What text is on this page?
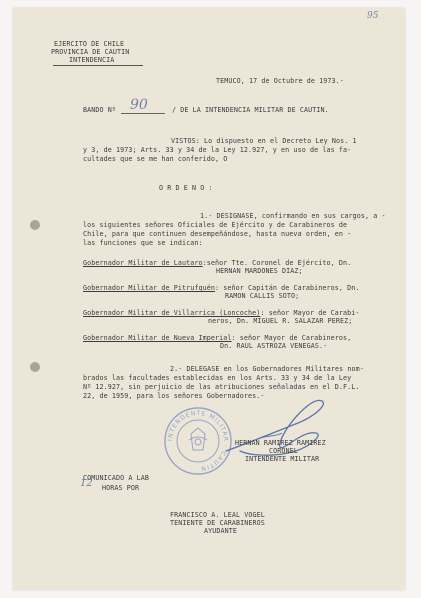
95
EJERCITO DE CHILE
PROVINCIA DE CAUTIN
INTENDENCIA
TEMUCO, 17 de Octubre de 1973.-
BANDO Nº 90	/ DE LA INTENDENCIA MILITAR DE CAUTIN.
VISTOS: Lo dispuesto en el Decreto Ley Nos. 1
y 3, de 1973; Arts. 33 y 34 de la Ley 12.927, y en uso de las fa-
cultades que se me han conferido, O
O R D E N O :
1.- DESIGNASE, confirmando en sus cargos, a -
los siguientes señores Oficiales de Ejército y de Carabineros de
Chile, para que continuen desempeñándose, hasta nueva orden, en -
las funciones que se indican:
Gobernador Militar de Lautaro:señor Tte. Coronel de Ejército, Dn.
HERNAN MARDONES DIAZ;
Gobernador Militar de Pitrufquén: señor Capitán de Carabineros, Dn.
RAMON CALLIS SOTO;
Gobernador Militar de Villarrica (Loncoche): señor Mayor de Carabi-
neros, Dn. MIGUEL R. SALAZAR PEREZ;
Gobernador Militar de Nueva Imperial: señor Mayor de Carabineros,
Dn. RAUL ASTROZA VENEGAS.-
2.- DELEGASE en los Gobernadores Militares nom-
brados las facultades establecidas en los Arts. 33 y 34 de la Ley
Nº 12.927, sin perjuicio de las atribuciones señaladas en el D.F.L.
22, de 1959, para los señores Gobernadores.-
INTENDENTE MILITAR · CAUTIN
HERNAN RAMIREZ RAMIREZ
CORONEL
INTENDENTE MILITAR
COMUNICADO A LAB
12 HORAS POR
FRANCISCO A. LEAL VOGEL
TENIENTE DE CARABINEROS
AYUDANTE
